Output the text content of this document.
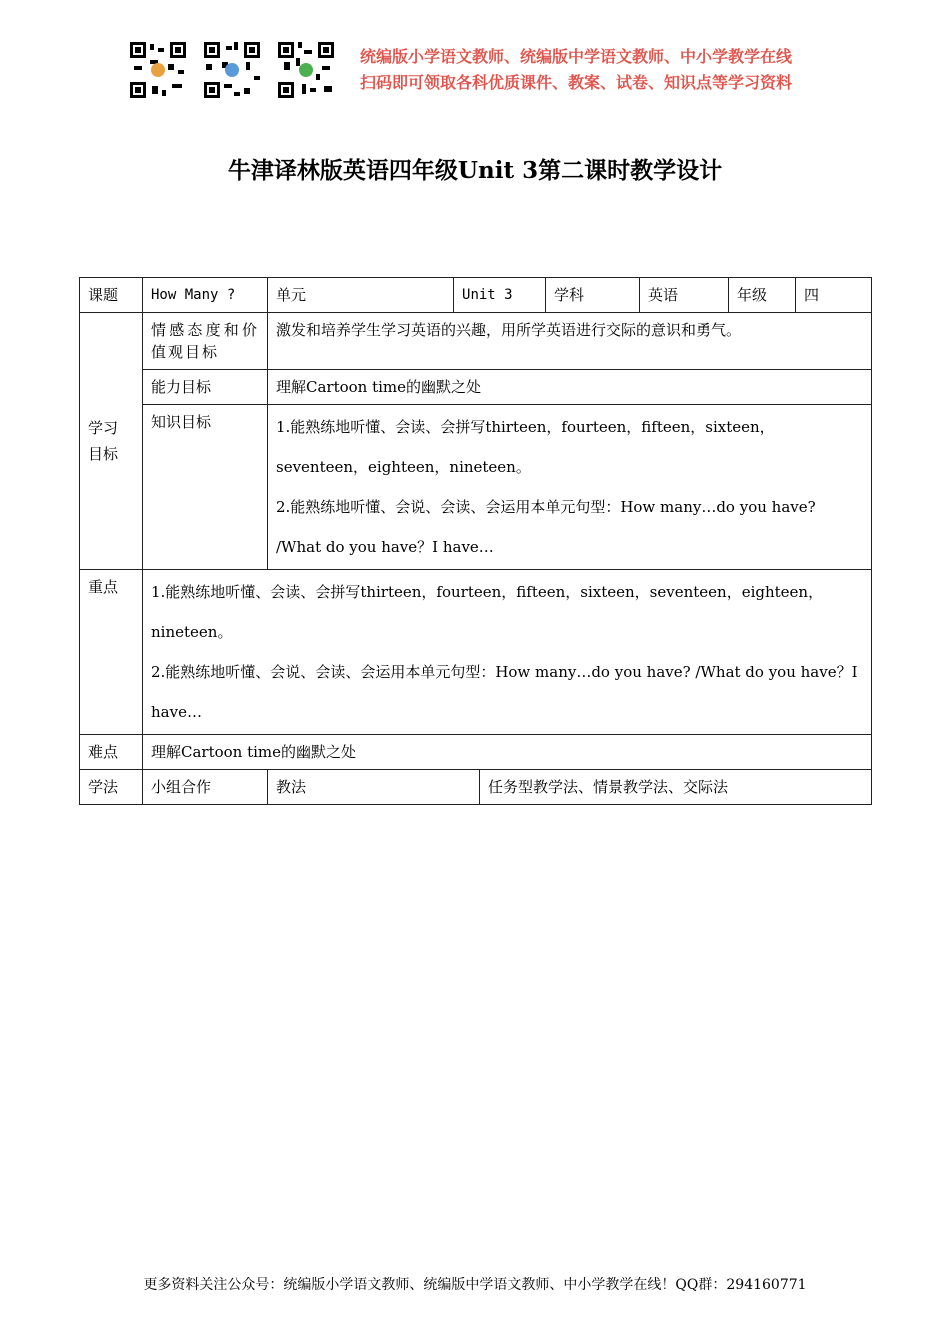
统编版小学语文教师、统编版中学语文教师、中小学教学在线
扫码即可领取各科优质课件、教案、试卷、知识点等学习资料
牛津译林版英语四年级Unit 3第二课时教学设计
课题	How Many ?	单元	Unit 3		学科	英语	年级	四
学习目标	情感态度和价值观目标	激发和培养学生学习英语的兴趣，用所学英语进行交际的意识和勇气。						
	能力目标	理解Cartoon time的幽默之处						
	知识目标	1.能熟练地听懂、会读、会拼写thirteen，fourteen，fifteen，sixteen，seventeen，eighteen，nineteen。

2.能熟练地听懂、会说、会读、会运用本单元句型：How many…do you have? /What do you have？I have…						

重点	1.能熟练地听懂、会读、会拼写thirteen，fourteen，fifteen，sixteen，seventeen，eighteen，nineteen。

2.能熟练地听懂、会说、会读、会运用本单元句型：How many…do you have? /What do you have？I have…							

难点	理解Cartoon time的幽默之处							
学法	小组合作	教法		任务型教学法、情景教学法、交际法				
更多资料关注公众号：统编版小学语文教师、统编版中学语文教师、中小学教学在线！QQ群：294160771
